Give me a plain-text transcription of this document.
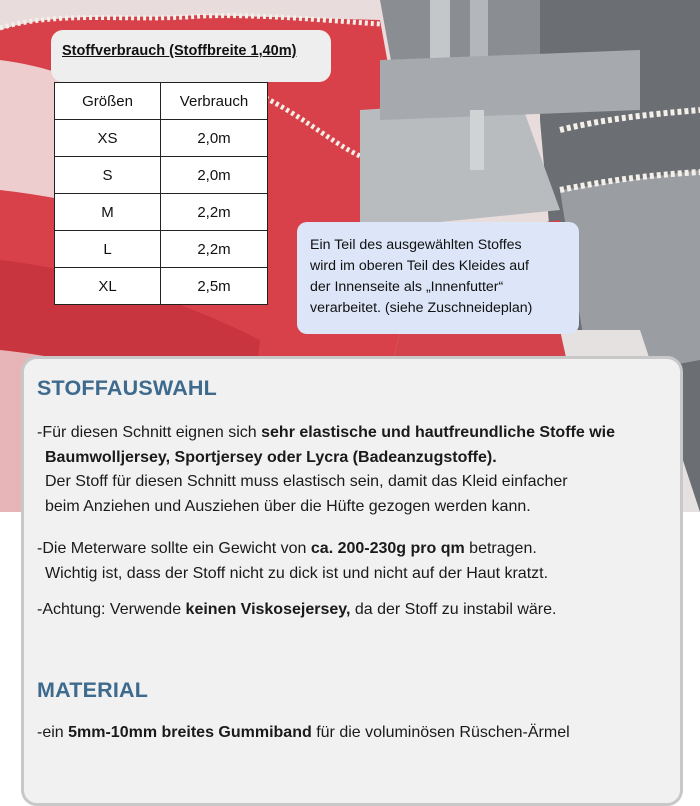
Stoffverbrauch (Stoffbreite 1,40m)
Größen	Verbrauch
XS	2,0m
S	2,0m
M	2,2m
L	2,2m
XL	2,5m
Ein Teil des ausgewählten Stoffes
wird im oberen Teil des Kleides auf
der Innenseite als „Innenfutter“
verarbeitet. (siehe Zuschneideplan)
STOFFAUSWAHL
-Für diesen Schnitt eignen sich sehr elastische und hautfreundliche Stoffe wie
Baumwolljersey, Sportjersey oder Lycra (Badeanzugstoffe).
Der Stoff für diesen Schnitt muss elastisch sein, damit das Kleid einfacher
beim Anziehen und Ausziehen über die Hüfte gezogen werden kann.
-Die Meterware sollte ein Gewicht von ca. 200-230g pro qm betragen.
Wichtig ist, dass der Stoff nicht zu dick ist und nicht auf der Haut kratzt.
-Achtung: Verwende keinen Viskosejersey, da der Stoff zu instabil wäre.
MATERIAL
-ein 5mm-10mm breites Gummiband für die voluminösen Rüschen-Ärmel
